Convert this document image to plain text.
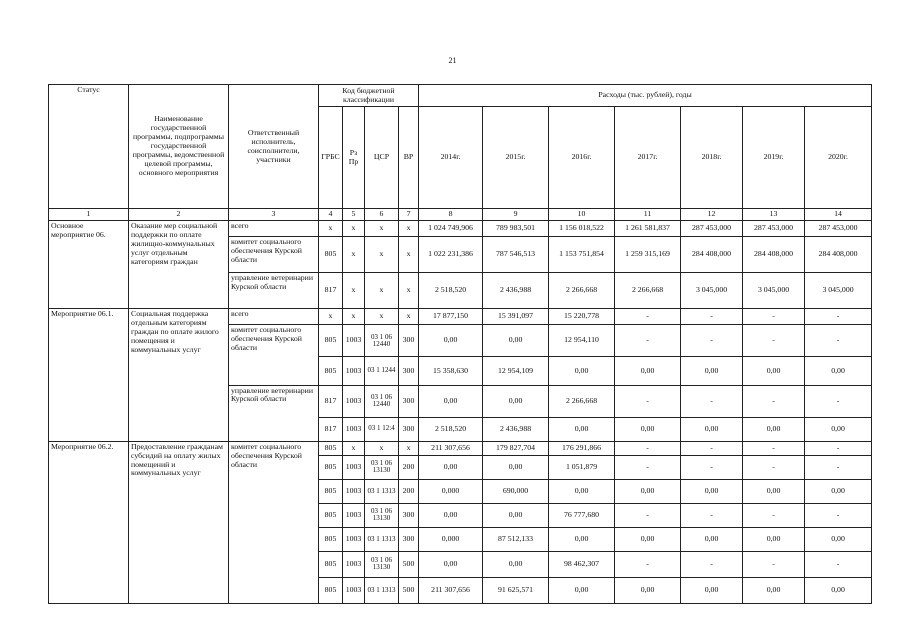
21
Статус	Наименование государственной программы, подпрограммы государственной программы, ведомственной целевой программы, основного мероприятия	Ответственный исполнитель, соисполнители, участники	Код бюджетной классификации				Расходы (тыс. рублей), годы						
			ГРБС	Рз Пр	ЦСР	ВР	2014г.	2015г.	2016г.	2017г.	2018г.	2019г.	2020г.
1	2	3	4	5	6	7	8	9	10	11	12	13	14
Основное мероприятие 06.	Оказание мер социальной поддержки по оплате жилищно-коммунальных услуг отдельным категориям граждан	всего	х	х	х	х	1 024 749,906	789 983,501	1 156 018,522	1 261 581,837	287 453,000	287 453,000	287 453,000
		комитет социального обеспечения Курской области	805	х	х	х	1 022 231,386	787 546,513	1 153 751,854	1 259 315,169	284 408,000	284 408,000	284 408,000
		управление ветеринарии Курской области	817	х	х	х	2 518,520	2 436,988	2 266,668	2 266,668	3 045,000	3 045,000	3 045,000
Мероприятие 06.1.	Социальная поддержка отдельным категориям граждан по оплате жилого помещения и коммунальных услуг	всего	х	х	х	х	17 877,150	15 391,097	15 220,778	-	-	-	-
		комитет социального обеспечения Курской области	805	1003	03 1 06 12440	300	0,00	0,00	12 954,110	-	-	-	-
			805	1003	03 1 1244	300	15 358,630	12 954,109	0,00	0,00	0,00	0,00	0,00
		управление ветеринарии Курской области	817	1003	03 1 06 12440	300	0,00	0,00	2 266,668	-	-	-	-
			817	1003	03 1 12:4	300	2 518,520	2 436,988	0,00	0,00	0,00	0,00	0,00
Мероприятие 06.2.	Предоставление гражданам субсидий на оплату жилых помещений и коммунальных услуг	комитет социального обеспечения Курской области	805	х	х	х	211 307,656	179 827,704	176 291,866	-	-	-	-
			805	1003	03 1 06 13130	200	0,00	0,00	1 051,879	-	-	-	-
			805	1003	03 1 1313	200	0,000	690,000	0,00	0,00	0,00	0,00	0,00
			805	1003	03 1 06 13130	300	0,00	0,00	76 777,680	-	-	-	-
			805	1003	03 1 1313	300	0,000	87 512,133	0,00	0,00	0,00	0,00	0,00
			805	1003	03 1 06 13130	500	0,00	0,00	98 462,307	-	-	-	-
			805	1003	03 1 1313	500	211 307,656	91 625,571	0,00	0,00	0,00	0,00	0,00
